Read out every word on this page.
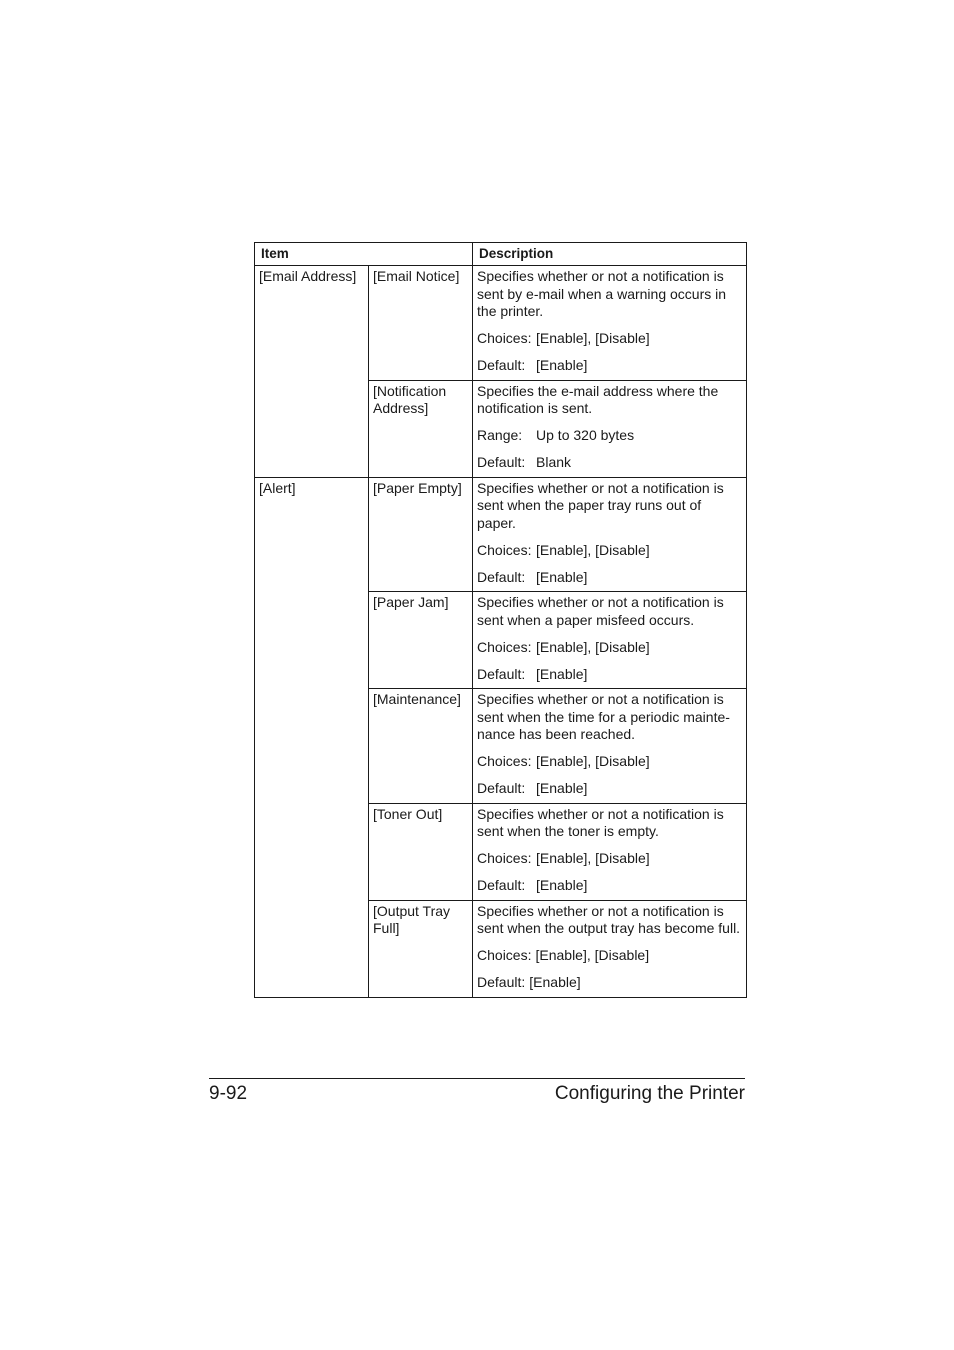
Item		Description
[Email Address]	[Email Notice]	Specifies whether or not a notification is sent by e-mail when a warning occurs in the printer.
Choices: [Enable], [Disable]
Default: [Enable]

	[Notification Address]	Specifies the e-mail address where the notification is sent.
Range: Up to 320 bytes
Default: Blank

[Alert]	[Paper Empty]	Specifies whether or not a notification is sent when the paper tray runs out of paper.
Choices: [Enable], [Disable]
Default: [Enable]

	[Paper Jam]	Specifies whether or not a notification is sent when a paper misfeed occurs.
Choices: [Enable], [Disable]
Default: [Enable]

	[Maintenance]	Specifies whether or not a notification is sent when the time for a periodic mainte-nance has been reached.
Choices: [Enable], [Disable]
Default: [Enable]

	[Toner Out]	Specifies whether or not a notification is sent when the toner is empty.
Choices: [Enable], [Disable]
Default: [Enable]

	[Output Tray Full]	Specifies whether or not a notification is sent when the output tray has become full.
Choices: [Enable], [Disable]
Default: [Enable]
9-92	Configuring the Printer
